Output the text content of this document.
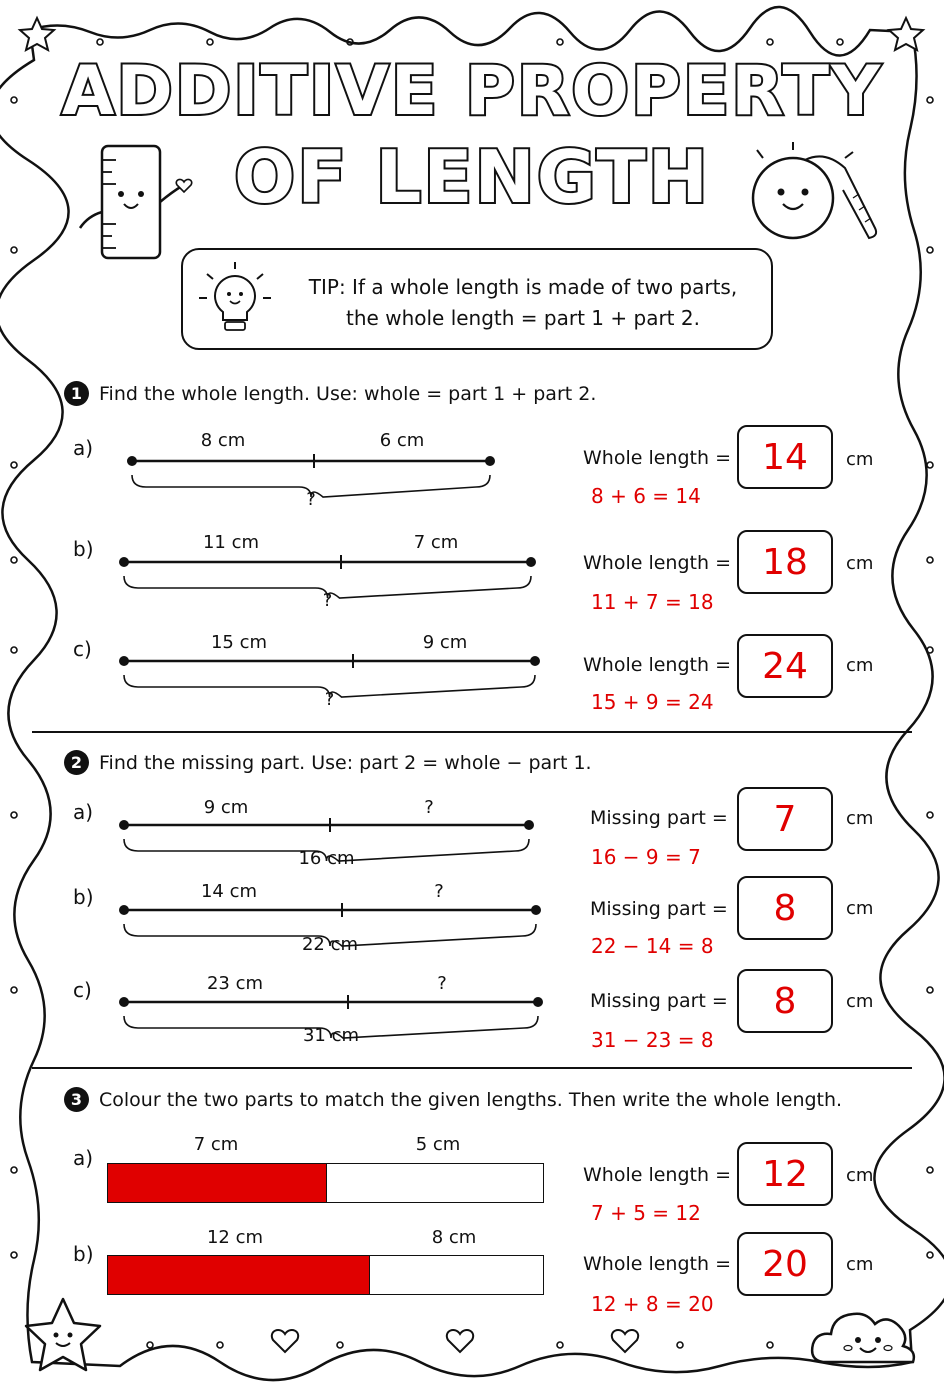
ADDITIVE PROPERTY
OF LENGTH
TIP: If a whole length is made of two parts,
the whole length = part 1 + part 2.
1 Find the whole length. Use: whole = part 1 + part 2.
a)	8 cm	6 cm
?
Whole length = 14	cm
8 + 6 = 14
b)	11 cm	7 cm
?
Whole length = 18	cm
11 + 7 = 18
c)	15 cm	9 cm
?
Whole length = 24	cm
15 + 9 = 24
2 Find the missing part. Use: part 2 = whole − part 1.
a)	9 cm	?
16 cm
Missing part =	7	cm
16 − 9 = 7
b)	14 cm	?
22 cm
Missing part =	8	cm
22 − 14 = 8
c)	23 cm	?
31 cm
Missing part =	8	cm
31 − 23 = 8
3 Colour the two parts to match the given lengths. Then write the whole length.
a)
7 cm	5 cm
Whole length = 12	cm
7 + 5 = 12
b)
12 cm	8 cm
Whole length = 20	cm
12 + 8 = 20
